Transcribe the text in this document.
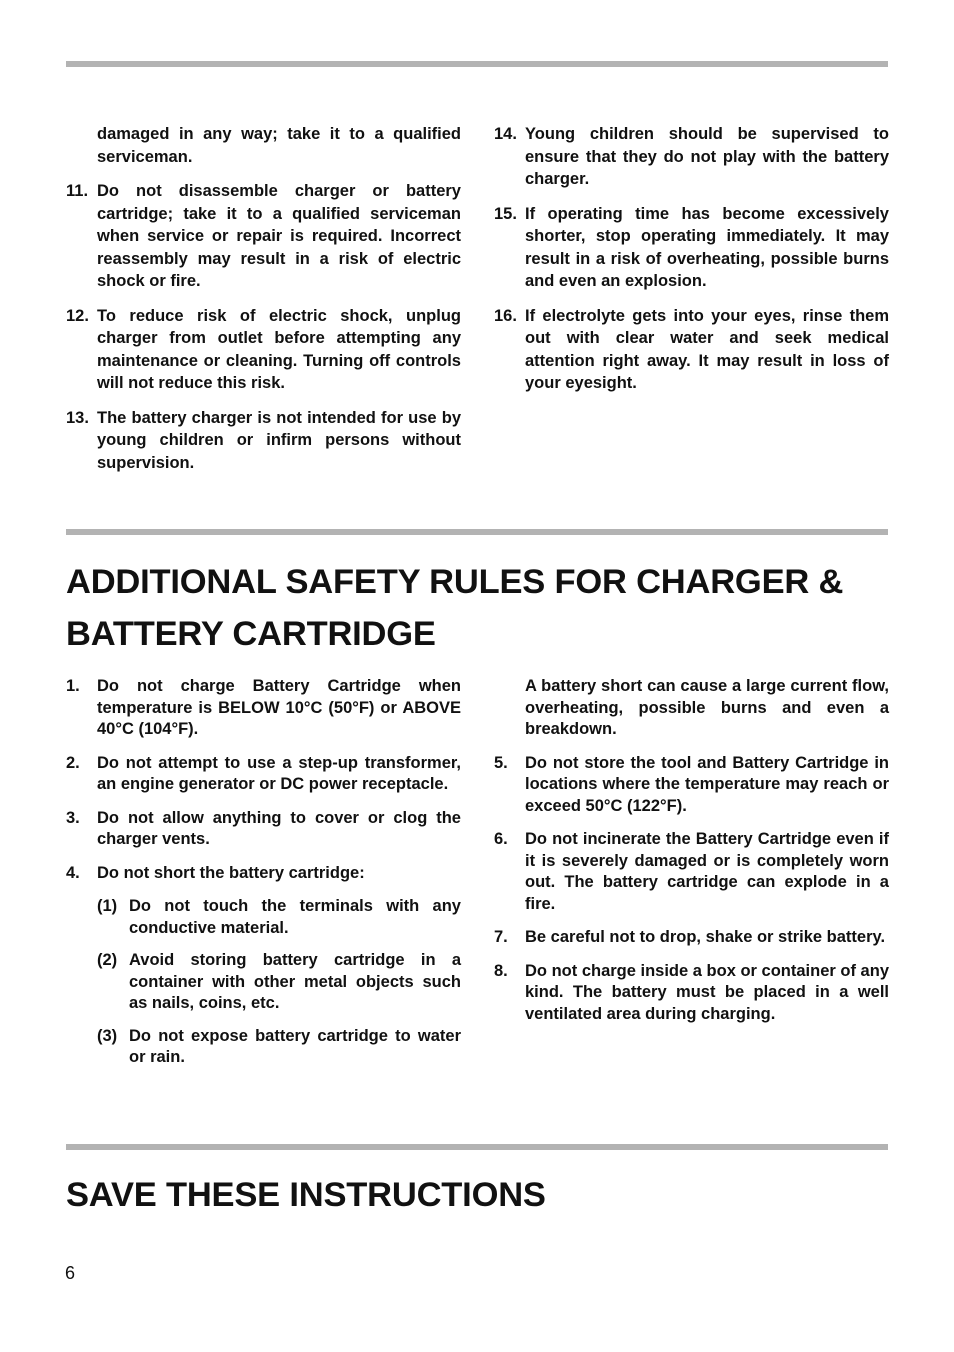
damaged in any way; take it to a qualified serviceman.
11. Do not disassemble charger or battery cartridge; take it to a qualified serviceman when service or repair is required. Incorrect reassembly may result in a risk of electric shock or fire.
12. To reduce risk of electric shock, unplug charger from outlet before attempting any maintenance or cleaning. Turning off controls will not reduce this risk.
13. The battery charger is not intended for use by young children or infirm persons without supervision.
14. Young children should be supervised to ensure that they do not play with the battery charger.
15. If operating time has become excessively shorter, stop operating immediately. It may result in a risk of overheating, possible burns and even an explosion.
16. If electrolyte gets into your eyes, rinse them out with clear water and seek medical attention right away. It may result in loss of your eyesight.
ADDITIONAL SAFETY RULES FOR CHARGER &
BATTERY CARTRIDGE
1. Do not charge Battery Cartridge when temperature is BELOW 10°C (50°F) or ABOVE 40°C (104°F).
2. Do not attempt to use a step-up transformer, an engine generator or DC power receptacle.
3. Do not allow anything to cover or clog the charger vents.
4. Do not short the battery cartridge:
(1) Do not touch the terminals with any conductive material.
(2) Avoid storing battery cartridge in a container with other metal objects such as nails, coins, etc.
(3) Do not expose battery cartridge to water or rain.
A battery short can cause a large current flow, overheating, possible burns and even a breakdown.
5. Do not store the tool and Battery Cartridge in locations where the temperature may reach or exceed 50°C (122°F).
6. Do not incinerate the Battery Cartridge even if it is severely damaged or is completely worn out. The battery cartridge can explode in a fire.
7. Be careful not to drop, shake or strike battery.
8. Do not charge inside a box or container of any kind. The battery must be placed in a well ventilated area during charging.
SAVE THESE INSTRUCTIONS
6
